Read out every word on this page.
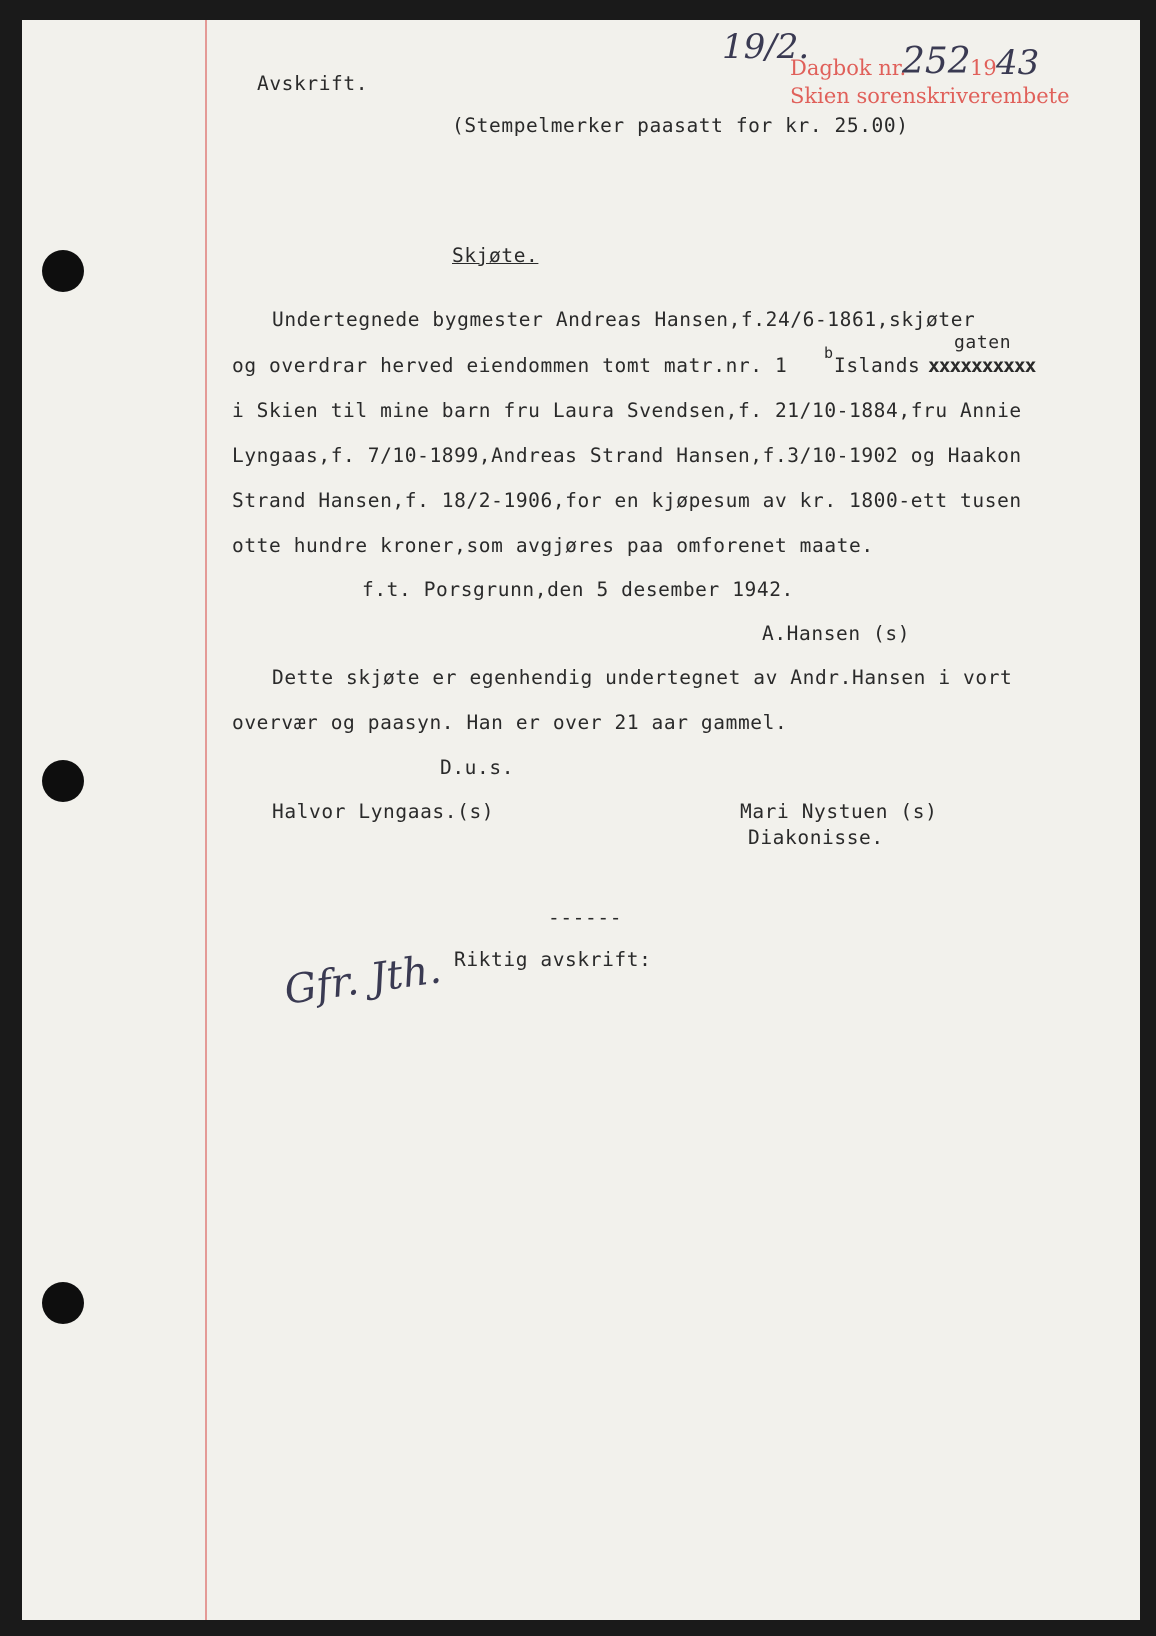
Avskrift.
(Stempelmerker paasatt for kr. 25.00)
19/2.
Dagbok nr.
252 19 43
Skien sorenskriverembete
Skjøte.
Undertegnede bygmester Andreas Hansen,f.24/6-1861,skjøter
gaten
og overdrar herved eiendommen tomt matr.nr. 1
b
Islands xxxxxxxxxx
i Skien til mine barn fru Laura Svendsen,f. 21/10-1884,fru Annie
Lyngaas,f. 7/10-1899,Andreas Strand Hansen,f.3/10-1902 og Haakon
Strand Hansen,f. 18/2-1906,for en kjøpesum av kr. 1800-ett tusen
otte hundre kroner,som avgjøres paa omforenet maate.
f.t. Porsgrunn,den 5 desember 1942.
A.Hansen (s)
Dette skjøte er egenhendig undertegnet av Andr.Hansen i vort
overvær og paasyn. Han er over 21 aar gammel.
D.u.s.
Halvor Lyngaas.(s)	Mari Nystuen (s)
Diakonisse.
------
Riktig avskrift:
Gfr. Jth.
